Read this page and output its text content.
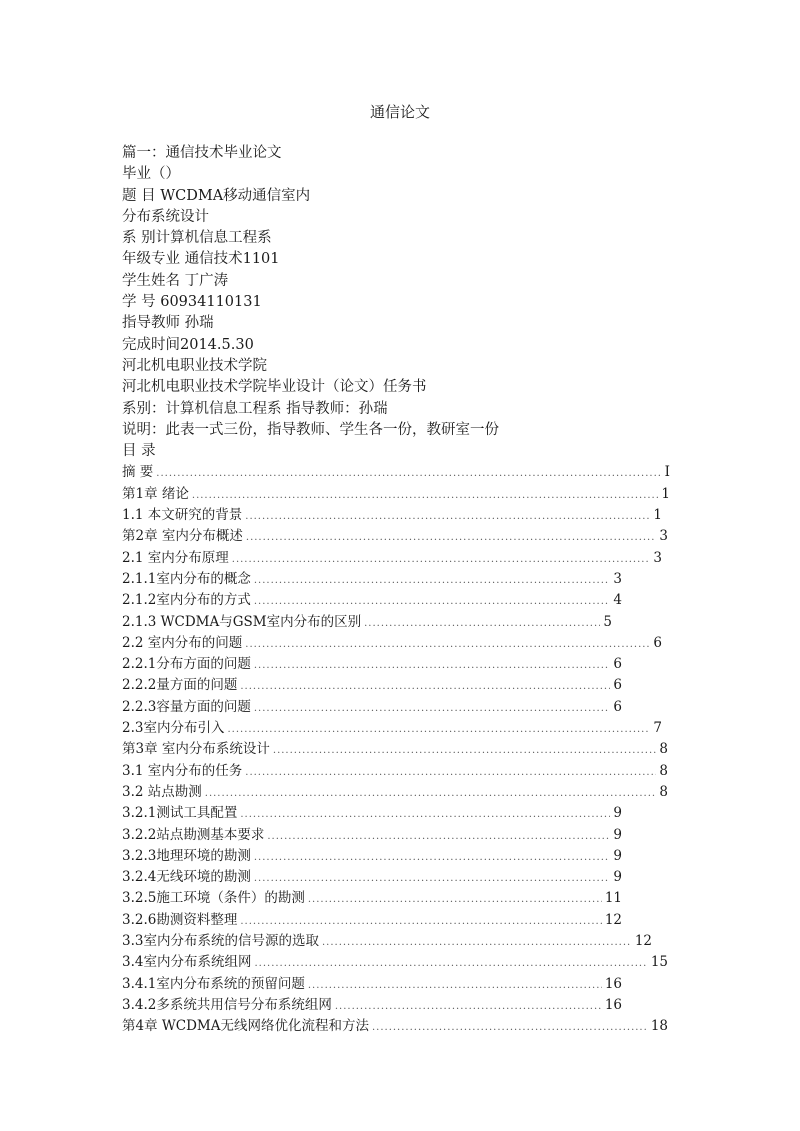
通信论文
篇一：通信技术毕业论文
毕业（）
题 目 WCDMA移动通信室内
分布系统设计
系 别计算机信息工程系
年级专业 通信技术1101
学生姓名 丁广涛
学 号 60934110131
指导教师 孙瑞
完成时间2014.5.30
河北机电职业技术学院
河北机电职业技术学院毕业设计（论文）任务书
系别：计算机信息工程系 指导教师：孙瑞
说明：此表一式三份，指导教师、学生各一份，教研室一份
目 录
摘 要 .....	I
第1章 绪论 .....	1
1.1 本文研究的背景 .....	1
第2章 室内分布概述 .....	3
2.1 室内分布原理 .....	3
2.1.1室内分布的概念 .....	3
2.1.2室内分布的方式 .....	4
2.1.3 WCDMA与GSM室内分布的区别 .....	5
2.2 室内分布的问题 .....	6
2.2.1分布方面的问题 .....	6
2.2.2量方面的问题 .....	6
2.2.3容量方面的问题 .....	6
2.3室内分布引入 .....	7
第3章 室内分布系统设计 .....	8
3.1 室内分布的任务 .....	8
3.2 站点勘测 .....	8
3.2.1测试工具配置 .....	9
3.2.2站点勘测基本要求 .....	9
3.2.3地理环境的勘测 .....	9
3.2.4无线环境的勘测 .....	9
3.2.5施工环境（条件）的勘测 .....	11
3.2.6勘测资料整理 .....	12
3.3室内分布系统的信号源的选取 .....	12
3.4室内分布系统组网 .....	15
3.4.1室内分布系统的预留问题 .....	16
3.4.2多系统共用信号分布系统组网 .....	16
第4章 WCDMA无线网络优化流程和方法 .....	18
